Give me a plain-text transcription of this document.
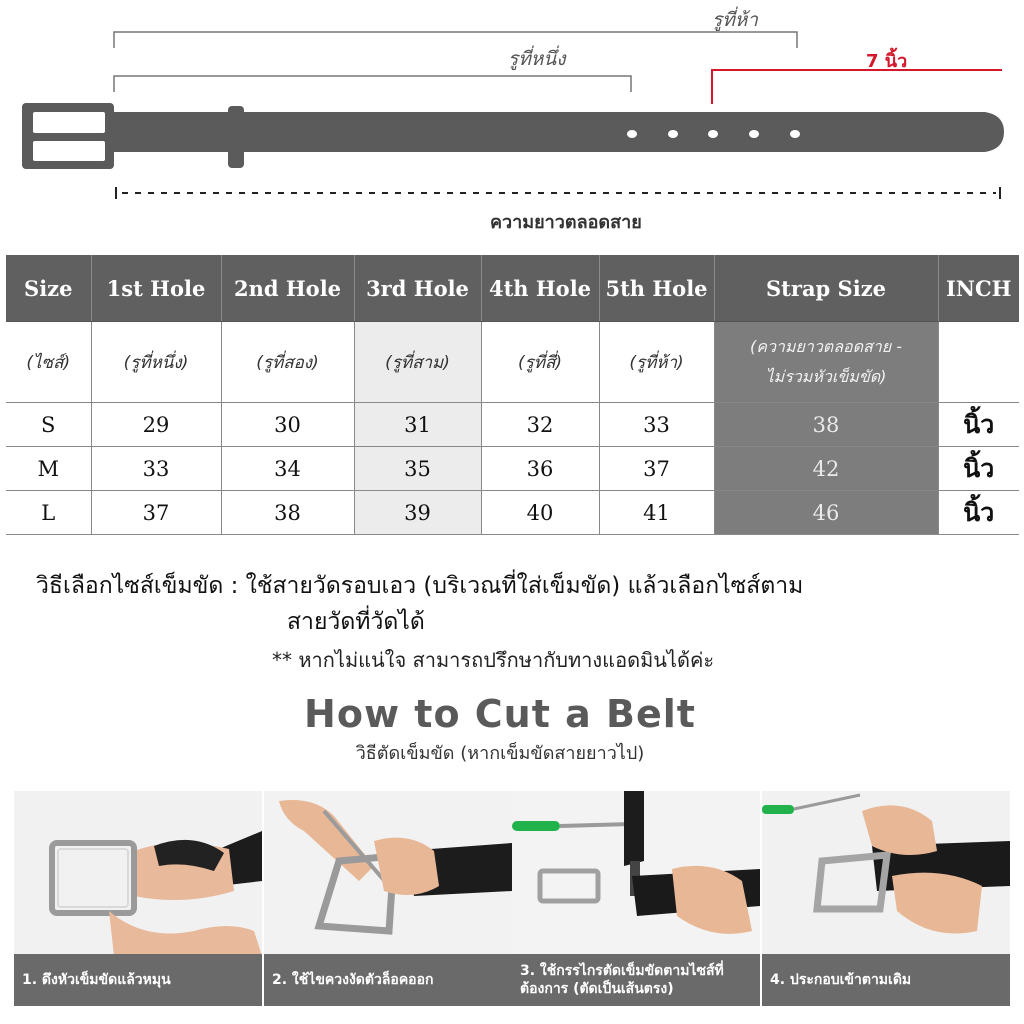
รูที่ห้า
รูที่หนึ่ง	7 นิ้ว
ความยาวตลอดสาย
Size	1st Hole	2nd Hole	3rd Hole	4th Hole	5th Hole	Strap Size	INCH
(ไซส์)	(รูที่หนึ่ง)	(รูที่สอง)	(รูที่สาม)	(รูที่สี่)	(รูที่ห้า)	(ความยาวตลอดสาย -
ไม่รวมหัวเข็มขัด)	
S	29	30	31	32	33	38	นิ้ว
M	33	34	35	36	37	42	นิ้ว
L	37	38	39	40	41	46	นิ้ว
วิธีเลือกไซส์เข็มขัด : ใช้สายวัดรอบเอว (บริเวณที่ใส่เข็มขัด) แล้วเลือกไซส์ตาม
สายวัดที่วัดได้
** หากไม่แน่ใจ สามารถปรึกษากับทางแอดมินได้ค่ะ
How to Cut a Belt
วิธีตัดเข็มขัด (หากเข็มขัดสายยาวไป)
1. ดึงหัวเข็มขัดแล้วหมุน	2. ใช้ไขควงงัดตัวล็อคออก
3. ใช้กรรไกรตัดเข็มขัดตามไซส์ที่ต้องการ (ตัดเป็นเส้นตรง)
4. ประกอบเข้าตามเดิม
